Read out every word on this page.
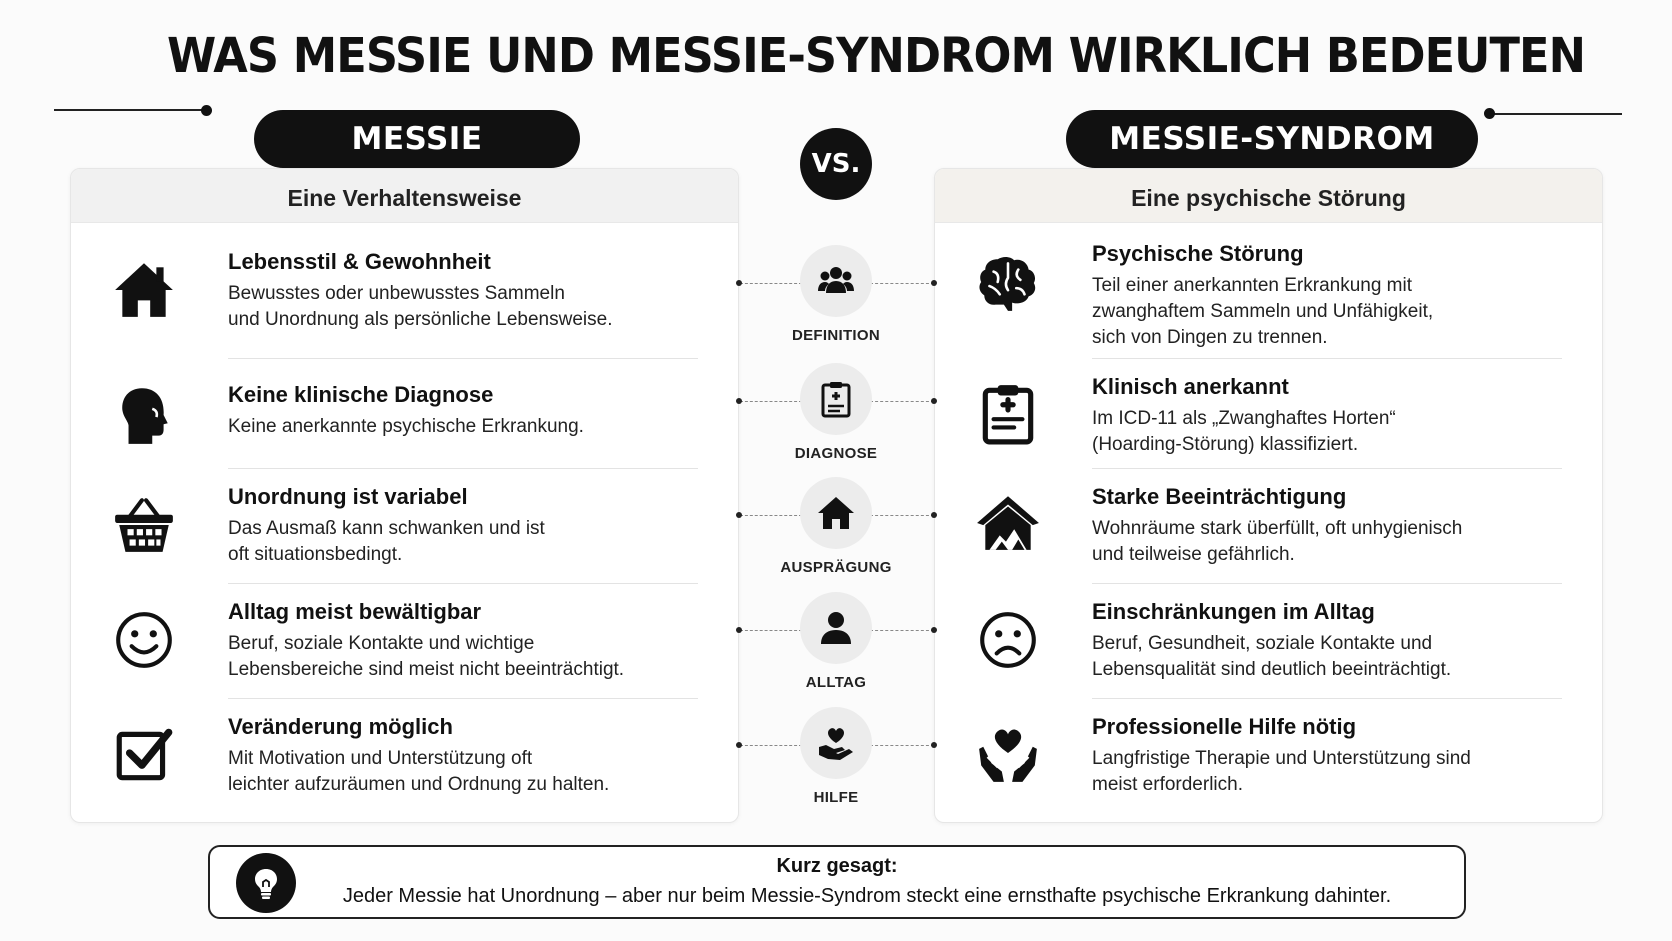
WAS MESSIE UND MESSIE-SYNDROM WIRKLICH BEDEUTEN
MESSIE	MESSIE-SYNDROM
VS.
Eine Verhaltensweise
Lebensstil & Gewohnheit
Bewusstes oder unbewusstes Sammeln
und Unordnung als persönliche Lebensweise.
Keine klinische Diagnose
Keine anerkannte psychische Erkrankung.
Unordnung ist variabel
Das Ausmaß kann schwanken und ist
oft situationsbedingt.
Alltag meist bewältigbar
Beruf, soziale Kontakte und wichtige
Lebensbereiche sind meist nicht beeinträchtigt.
Veränderung möglich
Mit Motivation und Unterstützung oft
leichter aufzuräumen und Ordnung zu halten.
Eine psychische Störung
Psychische Störung
Teil einer anerkannten Erkrankung mit
zwanghaftem Sammeln und Unfähigkeit,
sich von Dingen zu trennen.
Klinisch anerkannt
Im ICD-11 als „Zwanghaftes Horten“
(Hoarding-Störung) klassifiziert.
Starke Beeinträchtigung
Wohnräume stark überfüllt, oft unhygienisch
und teilweise gefährlich.
Einschränkungen im Alltag
Beruf, Gesundheit, soziale Kontakte und
Lebensqualität sind deutlich beeinträchtigt.
Professionelle Hilfe nötig
Langfristige Therapie und Unterstützung sind
meist erforderlich.
DEFINITION
DIAGNOSE
AUSPRÄGUNG
ALLTAG
HILFE
Kurz gesagt:
Jeder Messie hat Unordnung – aber nur beim Messie-Syndrom steckt eine ernsthafte psychische Erkrankung dahinter.
